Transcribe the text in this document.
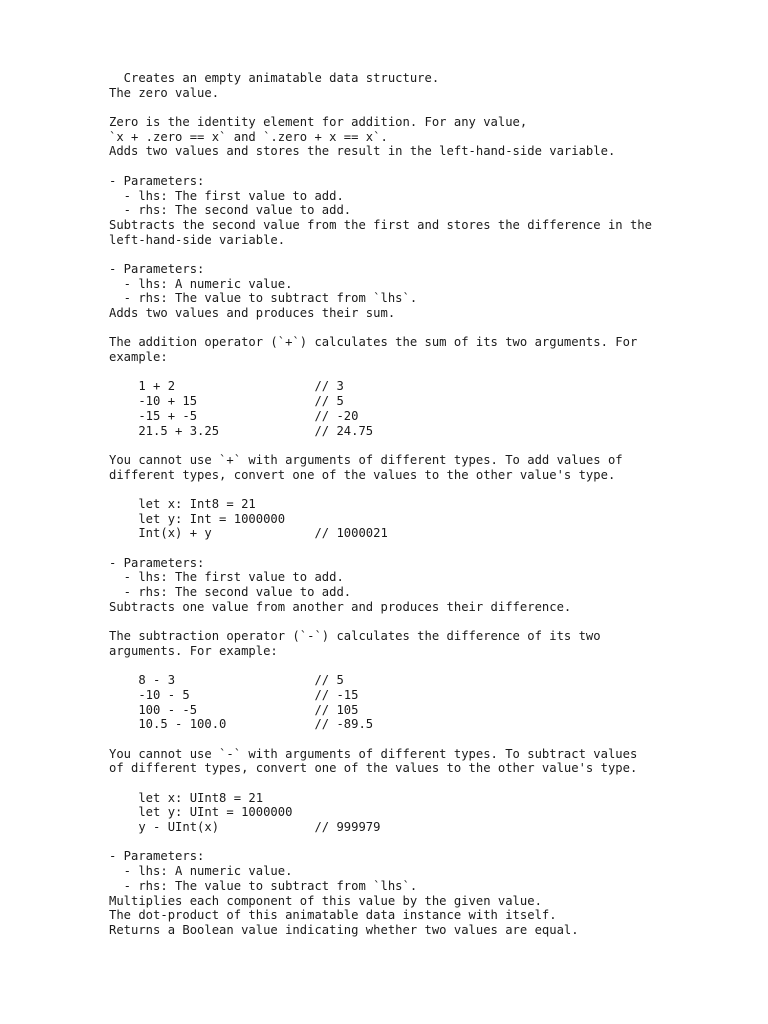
Creates an empty animatable data structure.
The zero value.
Zero is the identity element for addition. For any value,
`x + .zero == x` and `.zero + x == x`.
Adds two values and stores the result in the left-hand-side variable.
- Parameters:
- lhs: The first value to add.
- rhs: The second value to add.
Subtracts the second value from the first and stores the difference in the
left-hand-side variable.
- Parameters:
- lhs: A numeric value.
- rhs: The value to subtract from `lhs`.
Adds two values and produces their sum.
The addition operator (`+`) calculates the sum of its two arguments. For
example:
1 + 2                   // 3
-10 + 15                // 5
-15 + -5                // -20
21.5 + 3.25             // 24.75
You cannot use `+` with arguments of different types. To add values of
different types, convert one of the values to the other value's type.
let x: Int8 = 21
let y: Int = 1000000
Int(x) + y              // 1000021
- Parameters:
- lhs: The first value to add.
- rhs: The second value to add.
Subtracts one value from another and produces their difference.
The subtraction operator (`-`) calculates the difference of its two
arguments. For example:
8 - 3                   // 5
-10 - 5                 // -15
100 - -5                // 105
10.5 - 100.0            // -89.5
You cannot use `-` with arguments of different types. To subtract values
of different types, convert one of the values to the other value's type.
let x: UInt8 = 21
let y: UInt = 1000000
y - UInt(x)             // 999979
- Parameters:
- lhs: A numeric value.
- rhs: The value to subtract from `lhs`.
Multiplies each component of this value by the given value.
The dot-product of this animatable data instance with itself.
Returns a Boolean value indicating whether two values are equal.
